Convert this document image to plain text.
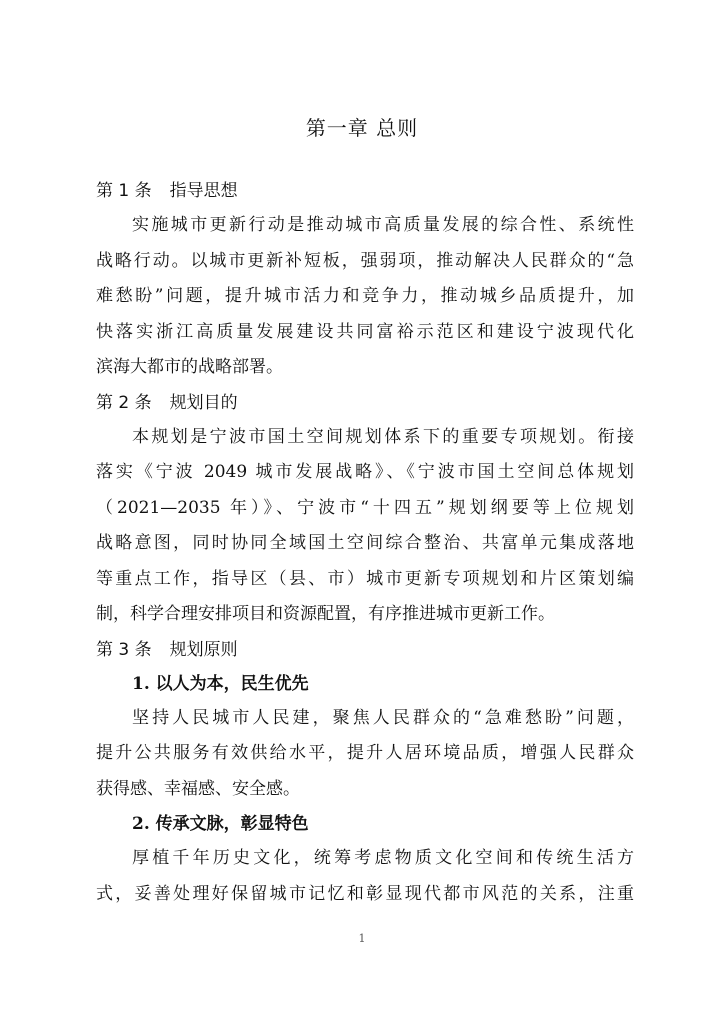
第一章 总则
第 1 条 指导思想
实施城市更新行动是推动城市高质量发展的综合性、系统性
战略行动。以城市更新补短板，强弱项，推动解决人民群众的“急
难愁盼”问题，提升城市活力和竞争力，推动城乡品质提升，加
快落实浙江高质量发展建设共同富裕示范区和建设宁波现代化
滨海大都市的战略部署。
第 2 条 规划目的
本规划是宁波市国土空间规划体系下的重要专项规划。衔接
落实《宁波 2049 城市发展战略》、《宁波市国土空间总体规划
（2021—2035 年）》、宁波市“十四五”规划纲要等上位规划
战略意图，同时协同全域国土空间综合整治、共富单元集成落地
等重点工作，指导区（县、市）城市更新专项规划和片区策划编
制，科学合理安排项目和资源配置，有序推进城市更新工作。
第 3 条 规划原则
1. 以人为本，民生优先
坚持人民城市人民建，聚焦人民群众的“急难愁盼”问题，
提升公共服务有效供给水平，提升人居环境品质，增强人民群众
获得感、幸福感、安全感。
2. 传承文脉，彰显特色
厚植千年历史文化，统筹考虑物质文化空间和传统生活方
式，妥善处理好保留城市记忆和彰显现代都市风范的关系，注重
1
